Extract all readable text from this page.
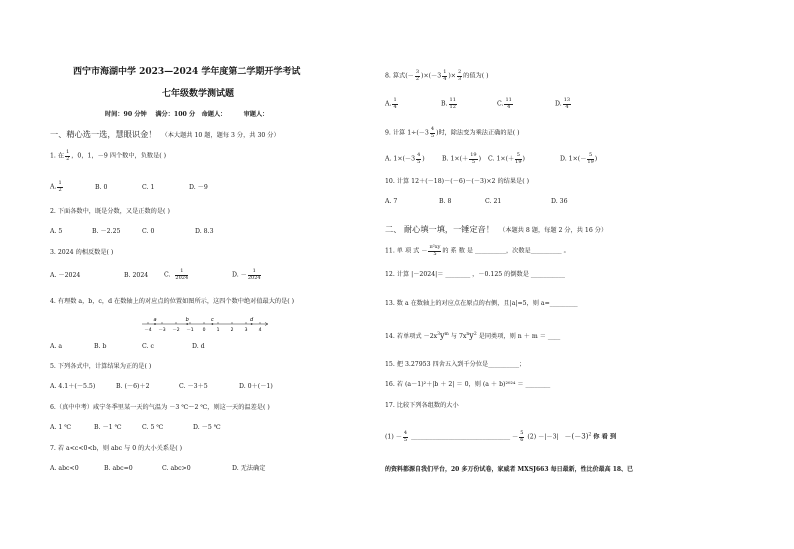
西宁市海湖中学 2023—2024 学年度第二学期开学考试
七年级数学测试题
时间：90 分钟 满分：100 分 命题人：	审题人：
一、精心选一选，慧眼识金！ （本大题共 10 题，题每 3 分，共 30 分）
1. 在 $\frac{1}{2}$ ，0，1，－9 四个数中，负数是( )
A. $\frac{1}{2}$	B. 0	C. 1	D. －9
2. 下面各数中，既是分数，又是正数的是( )
A. 5	B. －2.25	C. 0	D. 8.3
3. 2024 的相反数是( )
A. －2024	B. 2024	C. $\frac{1}{2024}$	D. － $\frac{1}{2024}$
4. 有理数 a，b，c，d 在数轴上的对应点的位置如图所示，这四个数中绝对值最大的是( )
－4 －3 －2 －1 0 1 2 3 4
a	b	c	d
A. a	B. b	C. c	D. d
5. 下列各式中，计算结果为正的是( )
A. 4.1＋(－5.5)	B. (－6)＋2	C. －3＋5	D. 0＋(－1)
6.（真中中考）咸宁冬季里某一天的气温为 －3 ℃～2 ℃，则这一天的温差是( )
A. 1 ℃	B. －1 ℃	C. 5 ℃	D. －5 ℃
7. 若 a<c<0<b，则 abc 与 0 的大小关系是( )
A. abc<0	B. abc=0	C. abc>0	D. 无法确定
8. 算式(－ $\frac{3}{2} )\times(-3 \frac{1}{4}$ )× $\frac{2}{3}$ 的值为( )
A. $\frac{1}{4}$	B. $\frac{11}{12}$	C. $\frac{11}{4}$	D. $\frac{13}{4}$
9. 计算 $1\div(-3 \frac{4}{5}$ )时，除法变为乘法正确的是( )
A. $1\times(-3 \frac{4}{5}$ )	B. $1\times(+ \frac{19}{5}$ ) C. $1\times(+ \frac{5}{19}$ )	D. $1\times(- \frac{5}{19}$ )
10. 计算 12＋(－18)－(－6)－(－3)×2 的结果是( )
A. 7	B. 8	C. 21	D. 36
二、 耐心填一填，一锤定音！ （本题共 8 题，每题 2 分，共 16 分）
11. 单 项 式 － $\frac{\text{π²xy}}{5}$ 的 系 数 是 __________，次数是__________ 。
12. 计算 |－2024|＝ ________ ，－0.125 的倒数是 ___________
13. 数 a 在数轴上的对应点在原点的右侧，且|a|=5，则 a=_________
14. 若单项式 $-2x^3y^m$ 与 $7x^ny^2$ 是同类项，则 n ＋ m ＝ ____
15. 把 3.27953 四舍五入到千分位是__________；
16. 若 (a－1)²＋|b ＋ 2| ＝ 0，则 (a ＋ b)²⁰²⁴ ＝ ________
17. 比较下列各组数的大小
$(1) - \frac{4}{5}$ ________________________________ － $\frac{5}{6} (2) -|-3| -(-3)^2$ 你 看 到
的资料都源自我们平台，20 多万份试卷，家威者 MXSJ663 每日最新，性比价最高 18、已
